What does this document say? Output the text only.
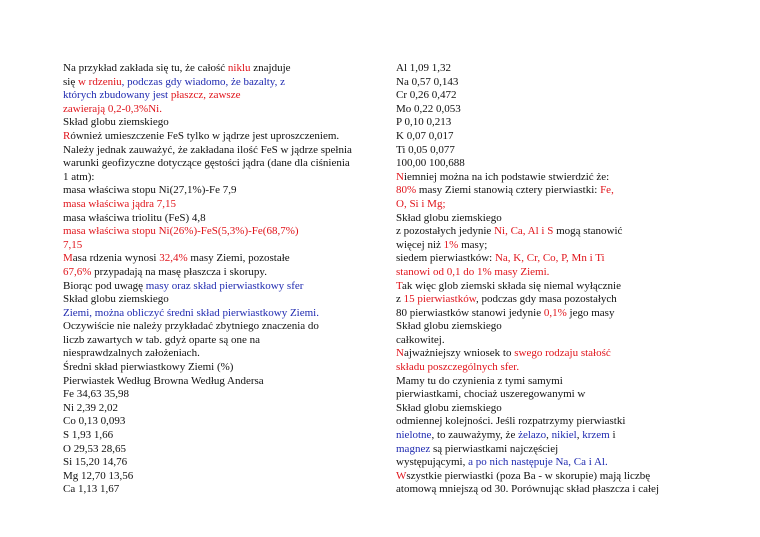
Na przykład zakłada się tu, że całość niklu znajduje
się w rdzeniu, podczas gdy wiadomo, że bazalty, z
których zbudowany jest płaszcz, zawsze
zawierają 0,2-0,3%Ni.
Skład globu ziemskiego
Również umieszczenie FeS tylko w jądrze jest uproszczeniem.
Należy jednak zauważyć, że zakładana ilość FeS w jądrze spełnia
warunki geofizyczne dotyczące gęstości jądra (dane dla ciśnienia
1 atm):
masa właściwa stopu Ni(27,1%)-Fe 7,9
masa właściwa jądra 7,15
masa właściwa triolitu (FeS) 4,8
masa właściwa stopu Ni(26%)-FeS(5,3%)-Fe(68,7%)
7,15
Masa rdzenia wynosi 32,4% masy Ziemi, pozostałe
67,6% przypadają na masę płaszcza i skorupy.
Biorąc pod uwagę masy oraz skład pierwiastkowy sfer
Skład globu ziemskiego
Ziemi, można obliczyć średni skład pierwiastkowy Ziemi.
Oczywiście nie należy przykładać zbytniego znaczenia do
liczb zawartych w tab. gdyż oparte są one na
niesprawdzalnych założeniach.
Średni skład pierwiastkowy Ziemi (%)
Pierwiastek Według Browna Według Andersa
Fe 34,63 35,98
Ni 2,39 2,02
Co 0,13 0,093
S 1,93 1,66
O 29,53 28,65
Si 15,20 14,76
Mg 12,70 13,56
Ca 1,13 1,67
Al 1,09 1,32
Na 0,57 0,143
Cr 0,26 0,472
Mo 0,22 0,053
P 0,10 0,213
K 0,07 0,017
Ti 0,05 0,077
100,00 100,688
Niemniej można na ich podstawie stwierdzić że:
80% masy Ziemi stanowią cztery pierwiastki: Fe,
O, Si i Mg;
Skład globu ziemskiego
z pozostałych jedynie Ni, Ca, Al i S mogą stanowić
więcej niż 1% masy;
siedem pierwiastków: Na, K, Cr, Co, P, Mn i Ti
stanowi od 0,1 do 1% masy Ziemi.
Tak więc glob ziemski składa się niemal wyłącznie
z 15 pierwiastków, podczas gdy masa pozostałych
80 pierwiastków stanowi jedynie 0,1% jego masy
Skład globu ziemskiego
całkowitej.
Najważniejszy wniosek to swego rodzaju stałość
składu poszczególnych sfer.
Mamy tu do czynienia z tymi samymi
pierwiastkami, chociaż uszeregowanymi w
Skład globu ziemskiego
odmiennej kolejności. Jeśli rozpatrzymy pierwiastki
nielotne, to zauważymy, że żelazo, nikiel, krzem i
magnez są pierwiastkami najczęściej
występującymi, a po nich następuje Na, Ca i Al.
Wszystkie pierwiastki (poza Ba - w skorupie) mają liczbę
atomową mniejszą od 30. Porównując skład płaszcza i całej
